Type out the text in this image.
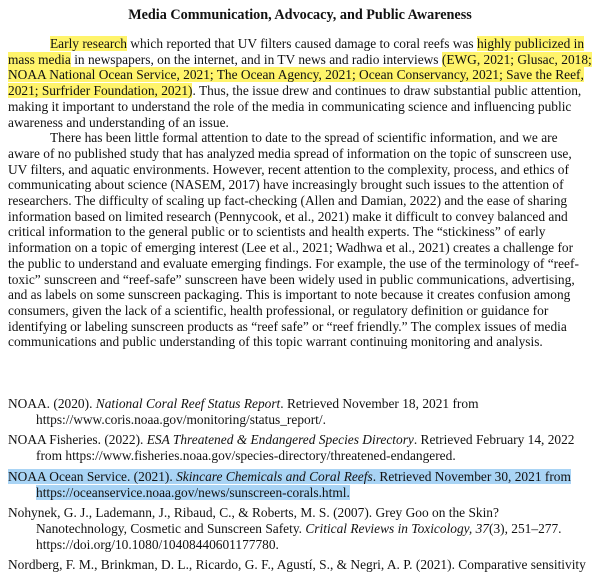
Media Communication, Advocacy, and Public Awareness

Early research which reported that UV filters caused damage to coral reefs was highly publicized in mass media in newspapers, on the internet, and in TV news and radio interviews (EWG, 2021; Glusac, 2018; NOAA National Ocean Service, 2021; The Ocean Agency, 2021; Ocean Conservancy, 2021; Save the Reef, 2021; Surfrider Foundation, 2021). Thus, the issue drew and continues to draw substantial public attention, making it important to understand the role of the media in communicating science and influencing public awareness and understanding of an issue.

There has been little formal attention to date to the spread of scientific information, and we are aware of no published study that has analyzed media spread of information on the topic of sunscreen use, UV filters, and aquatic environments. However, recent attention to the complexity, process, and ethics of communicating about science (NASEM, 2017) have increasingly brought such issues to the attention of researchers. The difficulty of scaling up fact-checking (Allen and Damian, 2022) and the ease of sharing information based on limited research (Pennycook, et al., 2021) make it difficult to convey balanced and critical information to the general public or to scientists and health experts. The “stickiness” of early information on a topic of emerging interest (Lee et al., 2021; Wadhwa et al., 2021) creates a challenge for the public to understand and evaluate emerging findings. For example, the use of the terminology of “reef-toxic” sunscreen and “reef-safe” sunscreen have been widely used in public communications, advertising, and as labels on some sunscreen packaging. This is important to note because it creates confusion among consumers, given the lack of a scientific, health professional, or regulatory definition or guidance for identifying or labeling sunscreen products as “reef safe” or “reef friendly.” The complex issues of media communications and public understanding of this topic warrant continuing monitoring and analysis.

NOAA. (2020). National Coral Reef Status Report. Retrieved November 18, 2021 from https://www.coris.noaa.gov/monitoring/status_report/.
NOAA Fisheries. (2022). ESA Threatened & Endangered Species Directory. Retrieved February 14, 2022 from https://www.fisheries.noaa.gov/species-directory/threatened-endangered.
NOAA Ocean Service. (2021). Skincare Chemicals and Coral Reefs. Retrieved November 30, 2021 from https://oceanservice.noaa.gov/news/sunscreen-corals.html.
Nohynek, G. J., Lademann, J., Ribaud, C., & Roberts, M. S. (2007). Grey Goo on the Skin? Nanotechnology, Cosmetic and Sunscreen Safety. Critical Reviews in Toxicology, 37(3), 251–277. https://doi.org/10.1080/10408440601177780.
Nordberg, F. M., Brinkman, D. L., Ricardo, G. F., Agustí, S., & Negri, A. P. (2021). Comparative sensitivity
